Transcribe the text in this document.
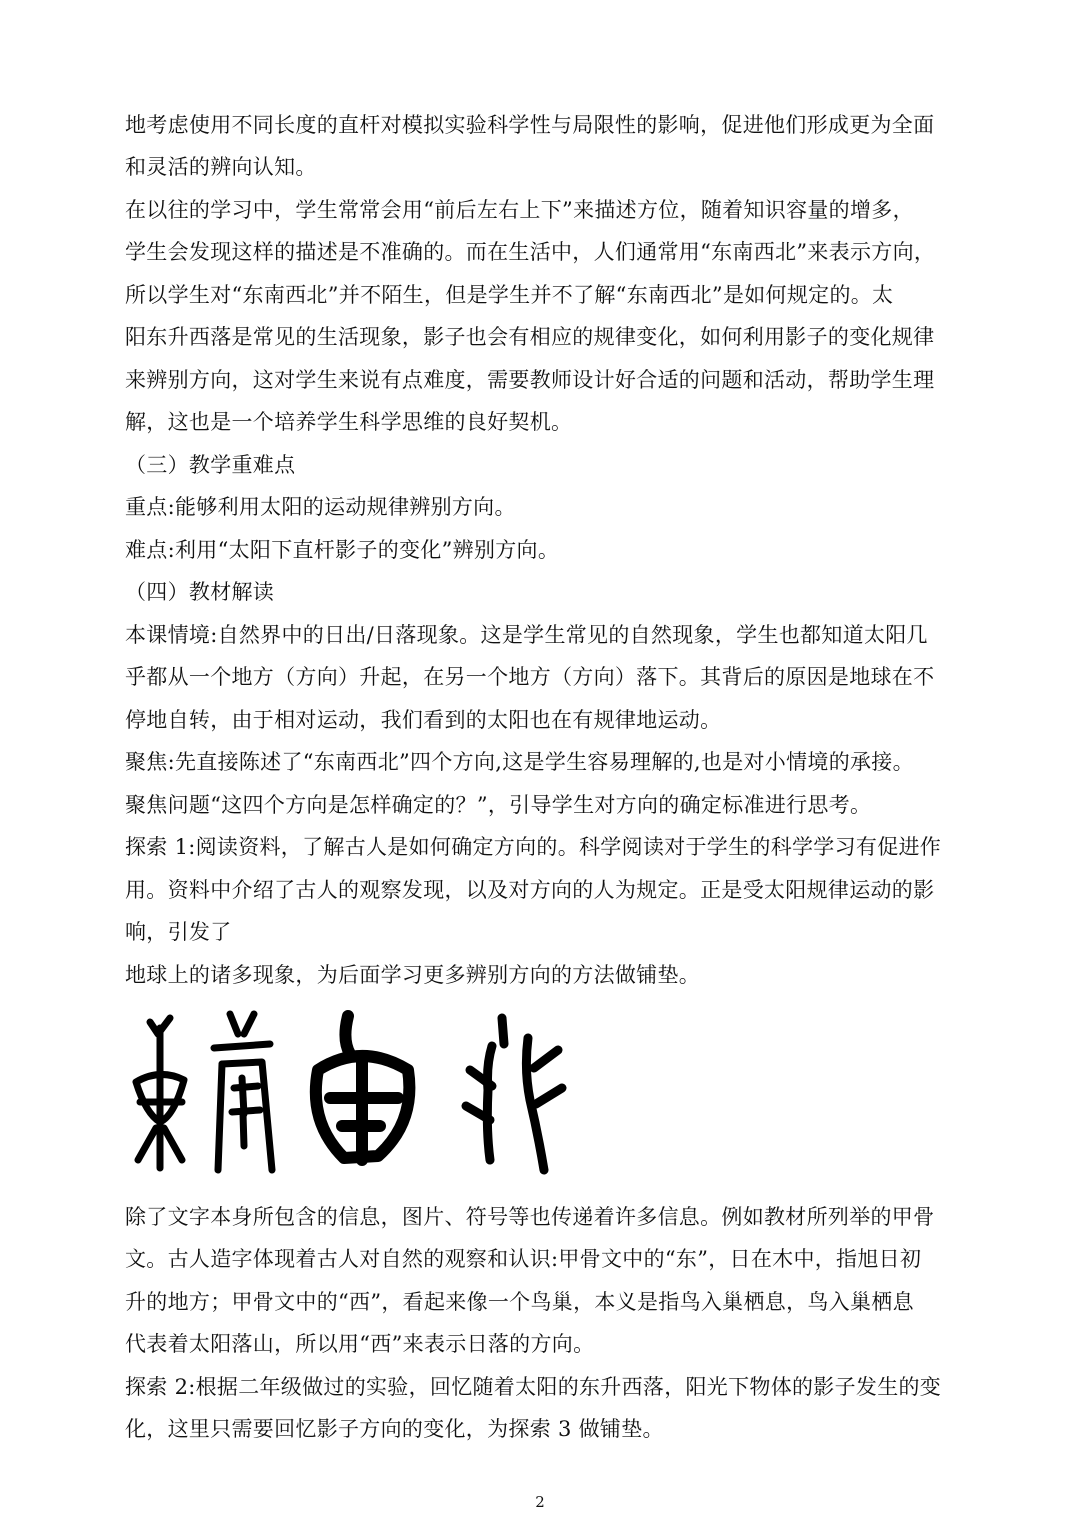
地考虑使用不同长度的直杆对模拟实验科学性与局限性的影响，促进他们形成更为全面
和灵活的辨向认知。
在以往的学习中，学生常常会用“前后左右上下”来描述方位，随着知识容量的增多，
学生会发现这样的描述是不准确的。而在生活中，人们通常用“东南西北”来表示方向，
所以学生对“东南西北”并不陌生，但是学生并不了解“东南西北”是如何规定的。太
阳东升西落是常见的生活现象，影子也会有相应的规律变化，如何利用影子的变化规律
来辨别方向，这对学生来说有点难度，需要教师设计好合适的问题和活动，帮助学生理
解，这也是一个培养学生科学思维的良好契机。
（三）教学重难点
重点:能够利用太阳的运动规律辨别方向。
难点:利用“太阳下直杆影子的变化”辨别方向。
（四）教材解读
本课情境:自然界中的日出/日落现象。这是学生常见的自然现象，学生也都知道太阳几
乎都从一个地方（方向）升起，在另一个地方（方向）落下。其背后的原因是地球在不
停地自转，由于相对运动，我们看到的太阳也在有规律地运动。
聚焦:先直接陈述了“东南西北”四个方向,这是学生容易理解的,也是对小情境的承接。
聚焦问题“这四个方向是怎样确定的？”，引导学生对方向的确定标准进行思考。
探索 1:阅读资料，了解古人是如何确定方向的。科学阅读对于学生的科学学习有促进作
用。资料中介绍了古人的观察发现，以及对方向的人为规定。正是受太阳规律运动的影
响，引发了
地球上的诸多现象，为后面学习更多辨别方向的方法做铺垫。
除了文字本身所包含的信息，图片、符号等也传递着许多信息。例如教材所列举的甲骨
文。古人造字体现着古人对自然的观察和认识:甲骨文中的“东”，日在木中，指旭日初
升的地方；甲骨文中的“西”，看起来像一个鸟巢，本义是指鸟入巢栖息，鸟入巢栖息
代表着太阳落山，所以用“西”来表示日落的方向。
探索 2:根据二年级做过的实验，回忆随着太阳的东升西落，阳光下物体的影子发生的变
化，这里只需要回忆影子方向的变化，为探索 3 做铺垫。
2
